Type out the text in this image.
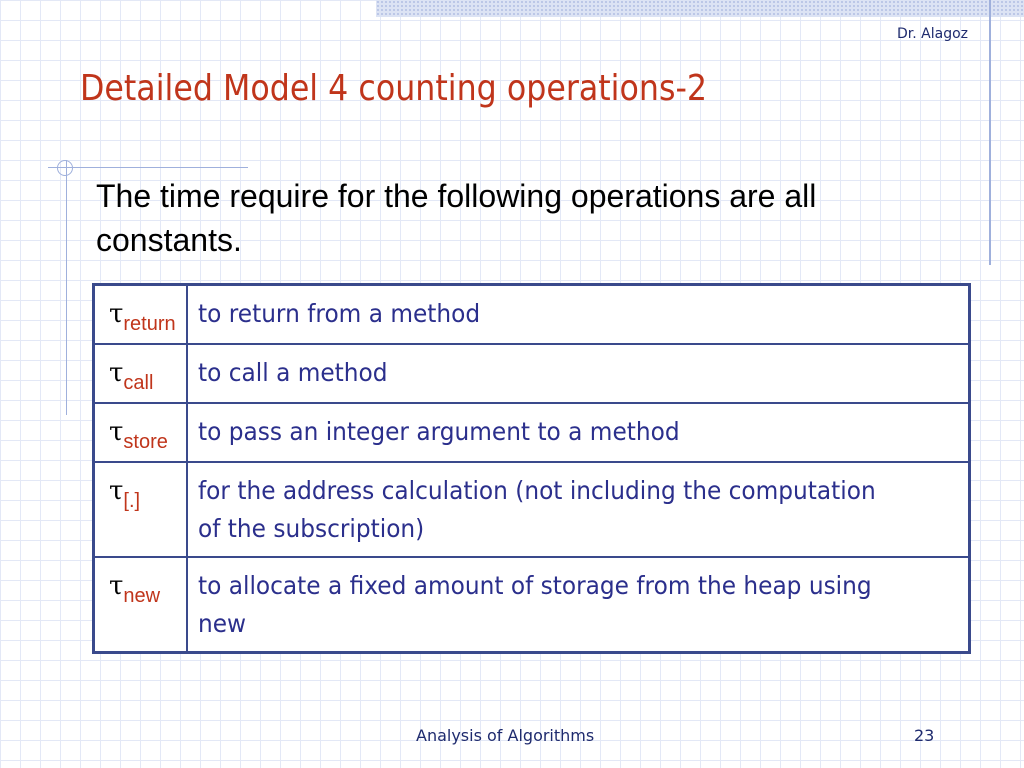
Dr. Alagoz
Detailed Model 4 counting operations-2

The time require for the following operations are all constants.

$\tau_{return}$	to return from a method
$\tau_{call}$	to call a method
$\tau_{store}$	to pass an integer argument to a method
$\tau_{[.]}$	for the address calculation (not including the computation of the subscription)
$\tau_{new}$	to allocate a fixed amount of storage from the heap using new
Analysis of Algorithms	23
